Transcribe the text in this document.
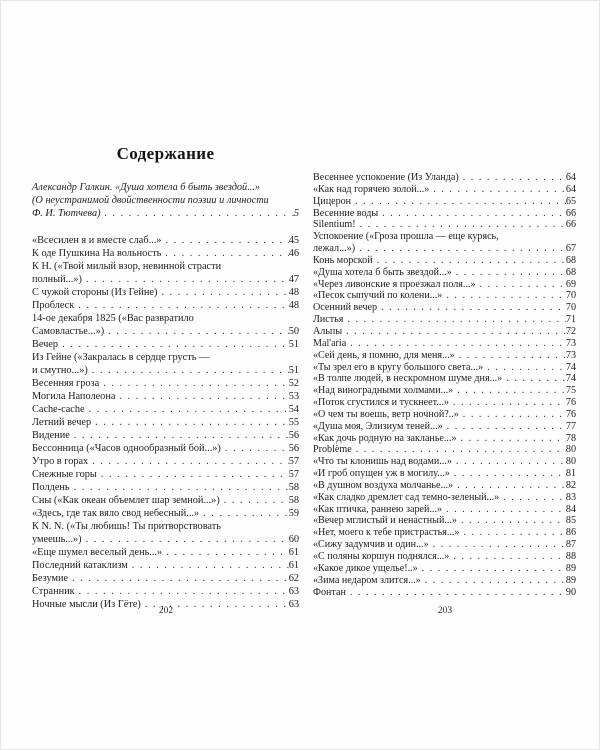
Содержание
Александр Галкин. «Душа хотела б быть звездой...»
(О неустранимой двойственности поэзии и личности
Ф. И. Тютчева) . . .	5
«Всесилен я и вместе слаб...» . . .	45
К оде Пушкина На вольность . . .	46
К Н. («Твой милый взор, невинной страсти
полный...») . . .	47
С чужой стороны (Из Гейне) . . .	48
Проблеск . . .	48
14-ое декабря 1825 («Вас развратило
Самовластье...») . . .	50
Вечер . . .	51
Из Гейне («Закралась в сердце грусть —
и смутно...») . . .	51
Весенняя гроза . . .	52
Могила Наполеона . . .	53
Cache-cache . . .	54
Летний вечер . . .	55
Видение . . .	56
Бессонница («Часов однообразный бой...») . . .	56
Утро в горах . . .	57
Снежные горы . . .	57
Полдень . . .	58
Сны («Как океан объемлет шар земной...») . . .	58
«Здесь, где так вяло свод небесный...» . . .	59
К N. N. («Ты любишь! Ты притворствовать
умеешь...») . . .	60
«Еще шумел веселый день...» . . .	61
Последний катаклизм . . .	61
Безумие . . .	62
Странник . . .	63
Ночные мысли (Из Гёте) . . .	63
Весеннее успокоение (Из Уланда) . . .	64
«Как над горячею золой...» . . .	64
Цицерон . . .	65
Весенние воды . . .	66
Silentium! . . .	66
Успокоение («Гроза прошла — еще курясь,
лежал...») . . .	67
Конь морской . . .	68
«Душа хотела б быть звездой...» . . .	68
«Через ливонские я проезжал поля...» . . .	69
«Песок сыпучий по колени...» . . .	70
Осенний вечер . . .	70
Листья . . .	71
Альпы . . .	72
Mal'aria . . .	73
«Сей день, я помню, для меня...» . . .	73
«Ты зрел его в кругу большого света...» . . .	74
«В толпе людей, в нескромном шуме дня...» . . .	74
«Над виноградными холмами...» . . .	75
«Поток сгустился и тускнеет...» . . .	76
«О чем ты воешь, ветр ночной?..» . . .	76
«Душа моя, Элизиум теней...» . . .	77
«Как дочь родную на закланье...» . . .	78
Problème . . .	80
«Что ты клонишь над водами...» . . .	80
«И гроб опущен уж в могилу...» . . .	81
«В душном воздуха молчанье...» . . .	82
«Как сладко дремлет сад темно-зеленый...» . . .	83
«Как птичка, раннею зарей...» . . .	84
«Вечер мглистый и ненастный...» . . .	85
«Нет, моего к тебе пристрастья...» . . .	86
«Сижу задумчив и один...» . . .	87
«С поляны коршун поднялся...» . . .	88
«Какое дикое ущелье!..» . . .	89
«Зима недаром злится...» . . .	89
Фонтан . . .	90
202	203
